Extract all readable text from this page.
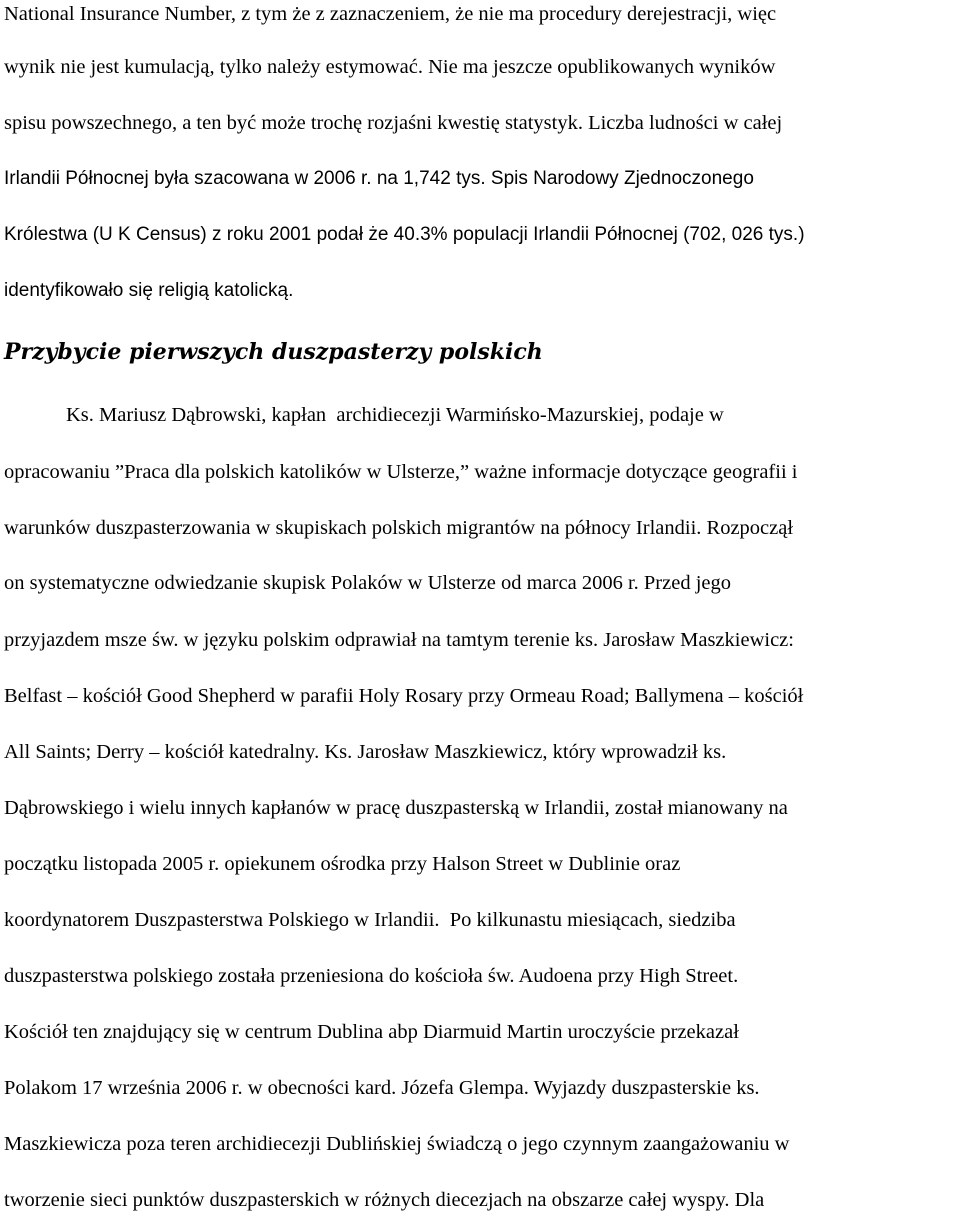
National Insurance Number, z tym że z zaznaczeniem, że nie ma procedury derejestracji, więc
wynik nie jest kumulacją, tylko należy estymować. Nie ma jeszcze opublikowanych wyników
spisu powszechnego, a ten być może trochę rozjaśni kwestię statystyk. Liczba ludności w całej
Irlandii Północnej była szacowana w 2006 r. na 1,742 tys. Spis Narodowy Zjednoczonego
Królestwa (U K Census) z roku 2001 podał że 40.3% populacji Irlandii Północnej (702, 026 tys.)
identyfikowało się religią katolicką.
Przybycie pierwszych duszpasterzy polskich
Ks. Mariusz Dąbrowski, kapłan  archidiecezji Warmińsko-Mazurskiej, podaje w
opracowaniu ”Praca dla polskich katolików w Ulsterze,” ważne informacje dotyczące geografii i
warunków duszpasterzowania w skupiskach polskich migrantów na północy Irlandii. Rozpoczął
on systematyczne odwiedzanie skupisk Polaków w Ulsterze od marca 2006 r. Przed jego
przyjazdem msze św. w języku polskim odprawiał na tamtym terenie ks. Jarosław Maszkiewicz:
Belfast – kościół Good Shepherd w parafii Holy Rosary przy Ormeau Road; Ballymena – kościół
All Saints; Derry – kościół katedralny. Ks. Jarosław Maszkiewicz, który wprowadził ks.
Dąbrowskiego i wielu innych kapłanów w pracę duszpasterską w Irlandii, został mianowany na
początku listopada 2005 r. opiekunem ośrodka przy Halson Street w Dublinie oraz
koordynatorem Duszpasterstwa Polskiego w Irlandii.  Po kilkunastu miesiącach, siedziba
duszpasterstwa polskiego została przeniesiona do kościoła św. Audoena przy High Street.
Kościół ten znajdujący się w centrum Dublina abp Diarmuid Martin uroczyście przekazał
Polakom 17 września 2006 r. w obecności kard. Józefa Glempa. Wyjazdy duszpasterskie ks.
Maszkiewicza poza teren archidiecezji Dublińskiej świadczą o jego czynnym zaangażowaniu w
tworzenie sieci punktów duszpasterskich w różnych diecezjach na obszarze całej wyspy. Dla
